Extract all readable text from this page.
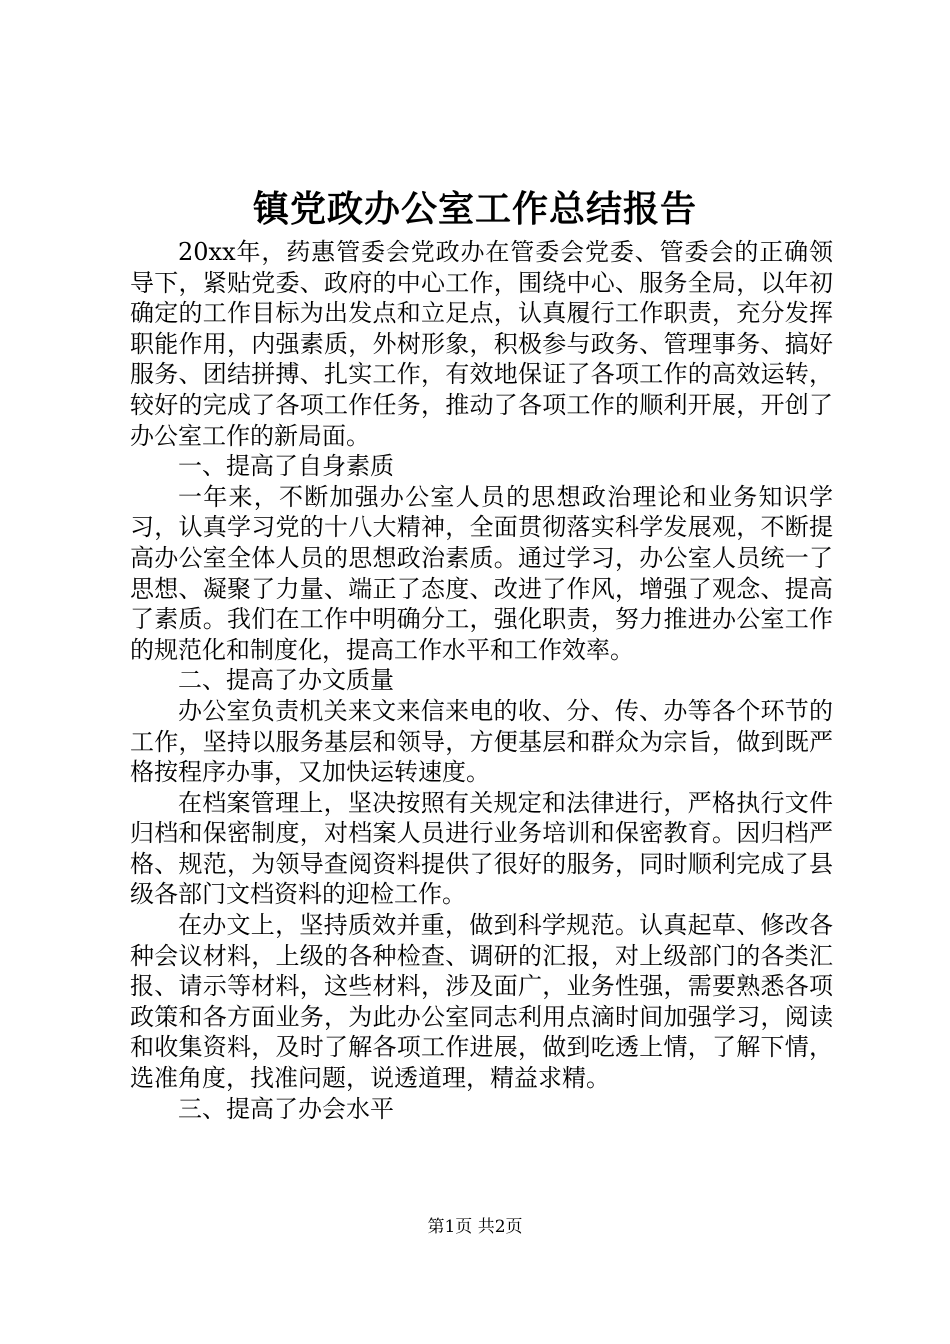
镇党政办公室工作总结报告

20xx年，药惠管委会党政办在管委会党委、管委会的正确领导下，紧贴党委、政府的中心工作，围绕中心、服务全局，以年初确定的工作目标为出发点和立足点，认真履行工作职责，充分发挥职能作用，内强素质，外树形象，积极参与政务、管理事务、搞好服务、团结拼搏、扎实工作，有效地保证了各项工作的高效运转，较好的完成了各项工作任务，推动了各项工作的顺利开展，开创了办公室工作的新局面。

一、提高了自身素质

一年来，不断加强办公室人员的思想政治理论和业务知识学习，认真学习党的十八大精神，全面贯彻落实科学发展观，不断提高办公室全体人员的思想政治素质。通过学习，办公室人员统一了思想、凝聚了力量、端正了态度、改进了作风，增强了观念、提高了素质。我们在工作中明确分工，强化职责，努力推进办公室工作的规范化和制度化，提高工作水平和工作效率。

二、提高了办文质量

办公室负责机关来文来信来电的收、分、传、办等各个环节的工作，坚持以服务基层和领导，方便基层和群众为宗旨，做到既严格按程序办事，又加快运转速度。

在档案管理上，坚决按照有关规定和法律进行，严格执行文件归档和保密制度，对档案人员进行业务培训和保密教育。因归档严格、规范，为领导查阅资料提供了很好的服务，同时顺利完成了县级各部门文档资料的迎检工作。

在办文上，坚持质效并重，做到科学规范。认真起草、修改各种会议材料，上级的各种检查、调研的汇报，对上级部门的各类汇报、请示等材料，这些材料，涉及面广，业务性强，需要熟悉各项政策和各方面业务，为此办公室同志利用点滴时间加强学习，阅读和收集资料，及时了解各项工作进展，做到吃透上情，了解下情，选准角度，找准问题，说透道理，精益求精。

三、提高了办会水平

第1页 共2页
